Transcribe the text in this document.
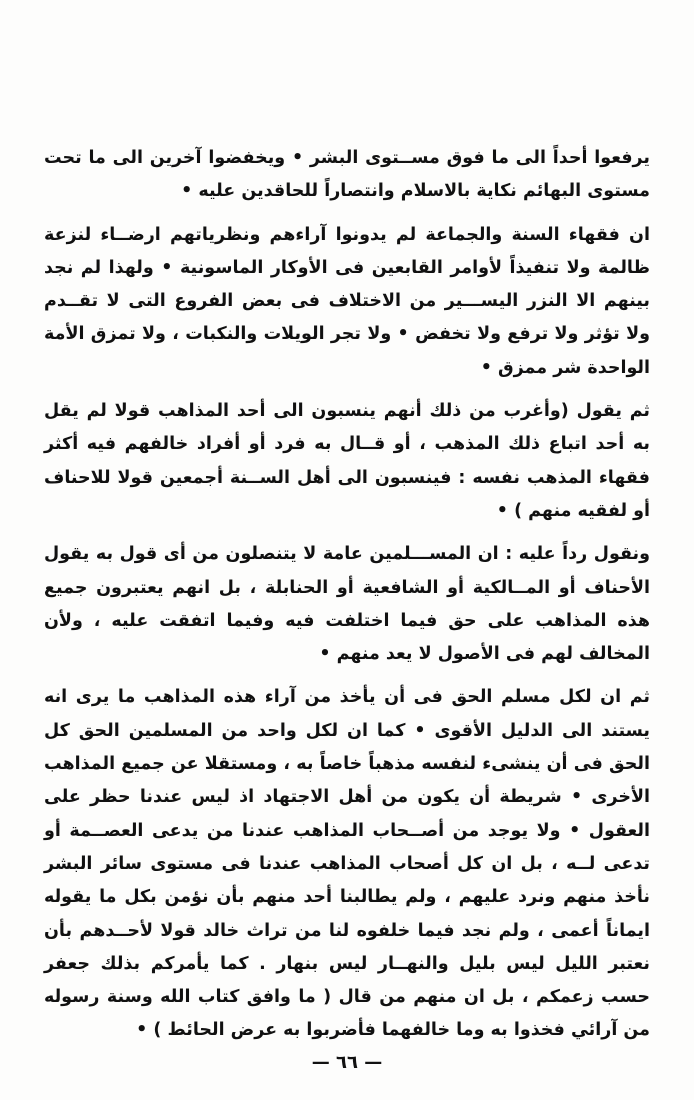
يرفعوا أحداً الى ما فوق مســتوى البشر • ويخفضوا آخرين الى ما تحت مستوى البهائم نكاية بالاسلام وانتصاراً للحاقدين عليه •

ان فقهاء السنة والجماعة لم يدونوا آراءهم ونظرياتهم ارضــاء لنزعة ظالمة ولا تنفيذاً لأوامر القابعين فى الأوكار الماسونية • ولهذا لم نجد بينهم الا النزر اليســـير من الاختلاف فى بعض الفروع التى لا تقــدم ولا تؤثر ولا ترفع ولا تخفض • ولا تجر الويلات والنكبات ، ولا تمزق الأمة الواحدة شر ممزق •

ثم يقول (وأغرب من ذلك أنهم ينسبون الى أحد المذاهب قولا لم يقل به أحد اتباع ذلك المذهب ، أو قــال به فرد أو أفراد خالفهم فيه أكثر فقهاء المذهب نفسه : فينسبون الى أهل الســنة أجمعين قولا للاحناف أو لفقيه منهم ) •

ونقول رداً عليه : ان المســـلمين عامة لا يتنصلون من أى قول به يقول الأحناف أو المــالكية أو الشافعية أو الحنابلة ، بل انهم يعتبرون جميع هذه المذاهب على حق فيما اختلفت فيه وفيما اتفقت عليه ، ولأن المخالف لهم فى الأصول لا يعد منهم •

ثم ان لكل مسلم الحق فى أن يأخذ من آراء هذه المذاهب ما يرى انه يستند الى الدليل الأقوى • كما ان لكل واحد من المسلمين الحق كل الحق فى أن ينشىء لنفسه مذهباً خاصاً به ، ومستقلا عن جميع المذاهب الأخرى • شريطة أن يكون من أهل الاجتهاد اذ ليس عندنا حظر على العقول • ولا يوجد من أصــحاب المذاهب عندنا من يدعى العصــمة أو تدعى لــه ، بل ان كل أصحاب المذاهب عندنا فى مستوى سائر البشر نأخذ منهم ونرد عليهم ، ولم يطالبنا أحد منهم بأن نؤمن بكل ما يقوله ايماناً أعمى ، ولم نجد فيما خلفوه لنا من تراث خالد قولا لأحــدهم بأن نعتبر الليل ليس بليل والنهــار ليس بنهار . كما يأمركم بذلك جعفر حسب زعمكم ، بل ان منهم من قال ( ما وافق كتاب الله وسنة رسوله من آرائي فخذوا به وما خالفهما فأضربوا به عرض الحائط ) •

— ٦٦ —
